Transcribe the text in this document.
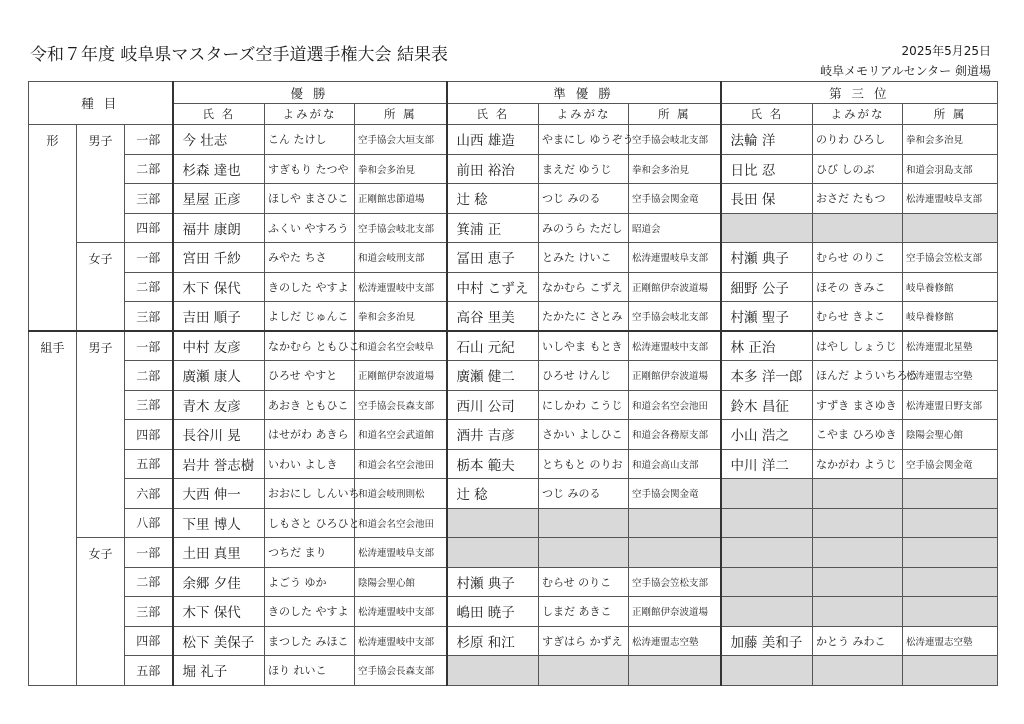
令和７年度 岐阜県マスターズ空手道選手権大会 結果表	2025年5月25日
岐阜メモリアルセンター 剣道場
種 目			優 勝			準 優 勝			第 三 位		
			氏 名	よみがな	所 属	氏 名	よみがな	所 属	氏 名	よみがな	所 属
形	男子	一部	今 壮志	こん たけし	空手協会大垣支部	山西 雄造	やまにし ゆうぞう	空手協会岐北支部	法輪 洋	のりわ ひろし	拳和会多治見
		二部	杉森 達也	すぎもり たつや	拳和会多治見	前田 裕治	まえだ ゆうじ	拳和会多治見	日比 忍	ひび しのぶ	和道会羽島支部
		三部	星屋 正彦	ほしや まさひこ	正剛館忠節道場	辻 稔	つじ みのる	空手協会関金竜	長田 保	おさだ たもつ	松涛連盟岐阜支部
		四部	福井 康朗	ふくい やすろう	空手協会岐北支部	箕浦 正	みのうら ただし	昭道会			
	女子	一部	宮田 千紗	みやた ちさ	和道会岐刑支部	冨田 恵子	とみた けいこ	松涛連盟岐阜支部	村瀬 典子	むらせ のりこ	空手協会笠松支部
		二部	木下 保代	きのした やすよ	松涛連盟岐中支部	中村 こずえ	なかむら こずえ	正剛館伊奈波道場	細野 公子	ほその きみこ	岐阜養修館
		三部	吉田 順子	よしだ じゅんこ	拳和会多治見	高谷 里美	たかたに さとみ	空手協会岐北支部	村瀬 聖子	むらせ きよこ	岐阜養修館
組手	男子	一部	中村 友彦	なかむら ともひこ	和道会名空会岐阜	石山 元紀	いしやま もとき	松涛連盟岐中支部	林 正治	はやし しょうじ	松涛連盟北星塾
		二部	廣瀬 康人	ひろせ やすと	正剛館伊奈波道場	廣瀬 健二	ひろせ けんじ	正剛館伊奈波道場	本多 洋一郎	ほんだ よういちろう	松涛連盟志空塾
		三部	青木 友彦	あおき ともひこ	空手協会長森支部	西川 公司	にしかわ こうじ	和道会名空会池田	鈴木 昌征	すずき まさゆき	松涛連盟日野支部
		四部	長谷川 晃	はせがわ あきら	和道名空会武道館	酒井 吉彦	さかい よしひこ	和道会各務原支部	小山 浩之	こやま ひろゆき	陰陽会聖心館
		五部	岩井 誉志樹	いわい よしき	和道会名空会池田	栃本 範夫	とちもと のりお	和道会高山支部	中川 洋二	なかがわ ようじ	空手協会関金竜
		六部	大西 伸一	おおにし しんいち	和道会岐刑則松	辻 稔	つじ みのる	空手協会関金竜			
		八部	下里 博人	しもさと ひろひと	和道会名空会池田						
	女子	一部	土田 真里	つちだ まり	松涛連盟岐阜支部						
		二部	余郷 夕佳	よごう ゆか	陰陽会聖心館	村瀬 典子	むらせ のりこ	空手協会笠松支部			
		三部	木下 保代	きのした やすよ	松涛連盟岐中支部	嶋田 暁子	しまだ あきこ	正剛館伊奈波道場			
		四部	松下 美保子	まつした みほこ	松涛連盟岐中支部	杉原 和江	すぎはら かずえ	松涛連盟志空塾	加藤 美和子	かとう みわこ	松涛連盟志空塾
		五部	堀 礼子	ほり れいこ	空手協会長森支部						
